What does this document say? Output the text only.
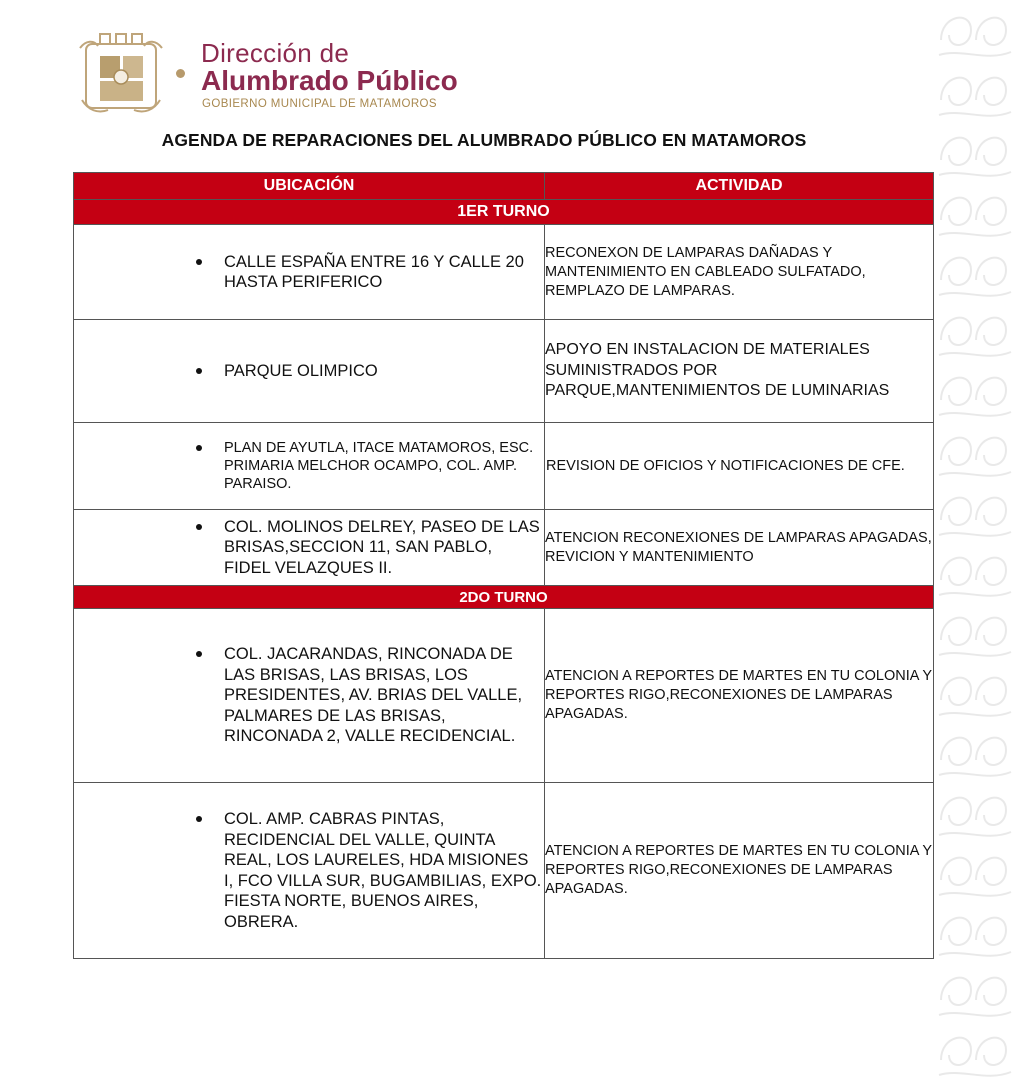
Dirección de
Alumbrado Público
GOBIERNO MUNICIPAL DE MATAMOROS
AGENDA DE REPARACIONES DEL ALUMBRADO PÚBLICO EN MATAMOROS
UBICACIÓN	ACTIVIDAD
1ER TURNO	

CALLE ESPAÑA ENTRE 16 Y CALLE 20 HASTA PERIFERICO	RECONEXON DE LAMPARAS DAÑADAS Y MANTENIMIENTO EN CABLEADO SULFATADO, REMPLAZO DE LAMPARAS.

PARQUE OLIMPICO	APOYO EN INSTALACION DE MATERIALES SUMINISTRADOS POR PARQUE,MANTENIMIENTOS DE LUMINARIAS

PLAN DE AYUTLA, ITACE MATAMOROS, ESC. PRIMARIA MELCHOR OCAMPO, COL. AMP. PARAISO.	REVISION DE OFICIOS Y NOTIFICACIONES DE CFE.

COL. MOLINOS DELREY, PASEO DE LAS BRISAS,SECCION 11, SAN PABLO, FIDEL VELAZQUES II.	ATENCION RECONEXIONES DE LAMPARAS APAGADAS, REVICION Y MANTENIMIENTO
2DO TURNO	

COL. JACARANDAS, RINCONADA DE LAS BRISAS, LAS BRISAS, LOS PRESIDENTES, AV. BRIAS DEL VALLE, PALMARES DE LAS BRISAS, RINCONADA 2, VALLE RECIDENCIAL.	ATENCION A REPORTES DE MARTES EN TU COLONIA Y REPORTES RIGO,RECONEXIONES DE LAMPARAS APAGADAS.

COL. AMP. CABRAS PINTAS, RECIDENCIAL DEL VALLE, QUINTA REAL, LOS LAURELES, HDA MISIONES I, FCO VILLA SUR, BUGAMBILIAS, EXPO. FIESTA NORTE, BUENOS AIRES, OBRERA.	ATENCION A REPORTES DE MARTES EN TU COLONIA Y REPORTES RIGO,RECONEXIONES DE LAMPARAS APAGADAS.
